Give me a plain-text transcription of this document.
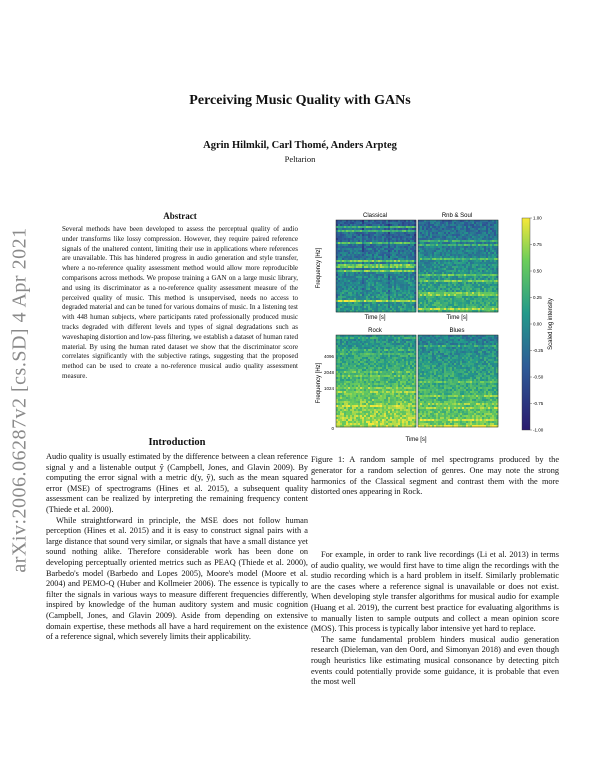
arXiv:2006.06287v2 [cs.SD] 4 Apr 2021
Perceiving Music Quality with GANs
Agrin Hilmkil, Carl Thomé, Anders Arpteg
Peltarion
Abstract

Several methods have been developed to assess the perceptual quality of audio under transforms like lossy compression. However, they require paired reference signals of the unaltered content, limiting their use in applications where references are unavailable. This has hindered progress in audio generation and style transfer, where a no-reference quality assessment method would allow more reproducible comparisons across methods. We propose training a GAN on a large music library, and using its discriminator as a no-reference quality assessment measure of the perceived quality of music. This method is unsupervised, needs no access to degraded material and can be tuned for various domains of music. In a listening test with 448 human subjects, where participants rated professionally produced music tracks degraded with different levels and types of signal degradations such as waveshaping distortion and low-pass filtering, we establish a dataset of human rated material. By using the human rated dataset we show that the discriminator score correlates significantly with the subjective ratings, suggesting that the proposed method can be used to create a no-reference musical audio quality assessment measure.

Introduction

Audio quality is usually estimated by the difference between a clean reference signal y and a listenable output ŷ (Campbell, Jones, and Glavin 2009). By computing the error signal with a metric d(y, ŷ), such as the mean squared error (MSE) of spectrograms (Hines et al. 2015), a subsequent quality assessment can be realized by interpreting the remaining frequency content (Thiede et al. 2000).

While straightforward in principle, the MSE does not follow human perception (Hines et al. 2015) and it is easy to construct signal pairs with a large distance that sound very similar, or signals that have a small distance yet sound nothing alike. Therefore considerable work has been done on developing perceptually oriented metrics such as PEAQ (Thiede et al. 2000), Barbedo's model (Barbedo and Lopes 2005), Moore's model (Moore et al. 2004) and PEMO-Q (Huber and Kollmeier 2006). The essence is typically to filter the signals in various ways to measure different frequencies differently, inspired by knowledge of the human auditory system and music cognition (Campbell, Jones, and Glavin 2009). Aside from depending on extensive domain expertise, these methods all have a hard requirement on the existence of a reference signal, which severely limits their applicability.

Classical	Rnb & Soul
Rock	Blues
Time [s]	Time [s]
Time [s]
Frequency [Hz]
Frequency [Hz]
4096
2048
1024
0
1.00
0.75
0.50
0.25
0.00
-0.25
-0.50
-0.75
-1.00
Scaled log intensity

Figure 1: A random sample of mel spectrograms produced by the generator for a random selection of genres. One may note the strong harmonics of the Classical segment and contrast them with the more distorted ones appearing in Rock.

For example, in order to rank live recordings (Li et al. 2013) in terms of audio quality, we would first have to time align the recordings with the studio recording which is a hard problem in itself. Similarly problematic are the cases where a reference signal is unavailable or does not exist. When developing style transfer algorithms for musical audio for example (Huang et al. 2019), the current best practice for evaluating algorithms is to manually listen to sample outputs and collect a mean opinion score (MOS). This process is typically labor intensive yet hard to replace.

The same fundamental problem hinders musical audio generation research (Dieleman, van den Oord, and Simonyan 2018) and even though rough heuristics like estimating musical consonance by detecting pitch events could potentially provide some guidance, it is probable that even the most well
